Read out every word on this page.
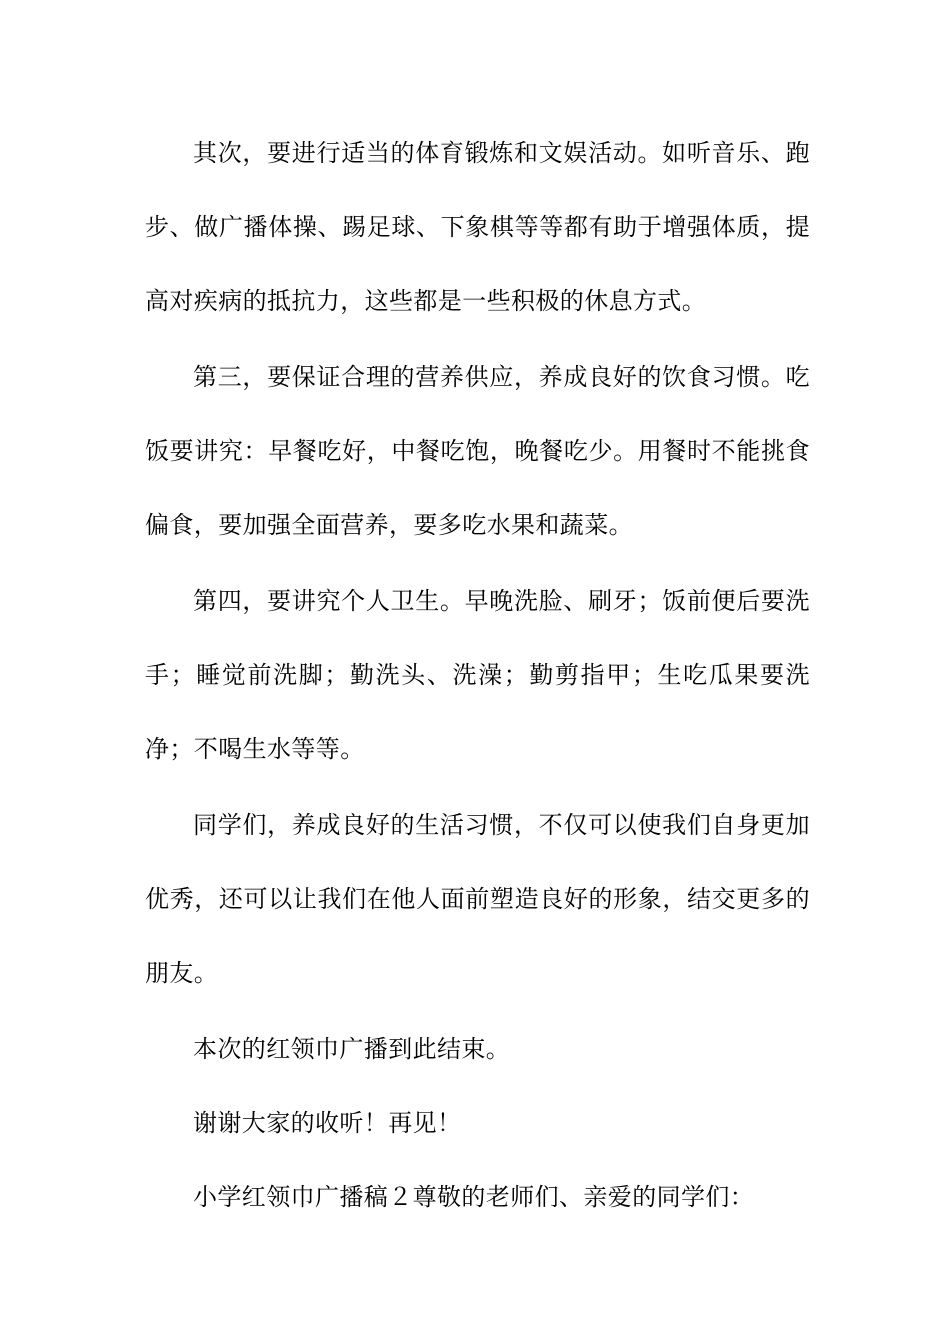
其次，要进行适当的体育锻炼和文娱活动。如听音乐、跑步、做广播体操、踢足球、下象棋等等都有助于增强体质，提高对疾病的抵抗力，这些都是一些积极的休息方式。

第三，要保证合理的营养供应，养成良好的饮食习惯。吃饭要讲究：早餐吃好，中餐吃饱，晚餐吃少。用餐时不能挑食偏食，要加强全面营养，要多吃水果和蔬菜。

第四，要讲究个人卫生。早晚洗脸、刷牙；饭前便后要洗手；睡觉前洗脚；勤洗头、洗澡；勤剪指甲；生吃瓜果要洗净；不喝生水等等。

同学们，养成良好的生活习惯，不仅可以使我们自身更加优秀，还可以让我们在他人面前塑造良好的形象，结交更多的朋友。

本次的红领巾广播到此结束。

谢谢大家的收听！再见！

小学红领巾广播稿２尊敬的老师们、亲爱的同学们：
